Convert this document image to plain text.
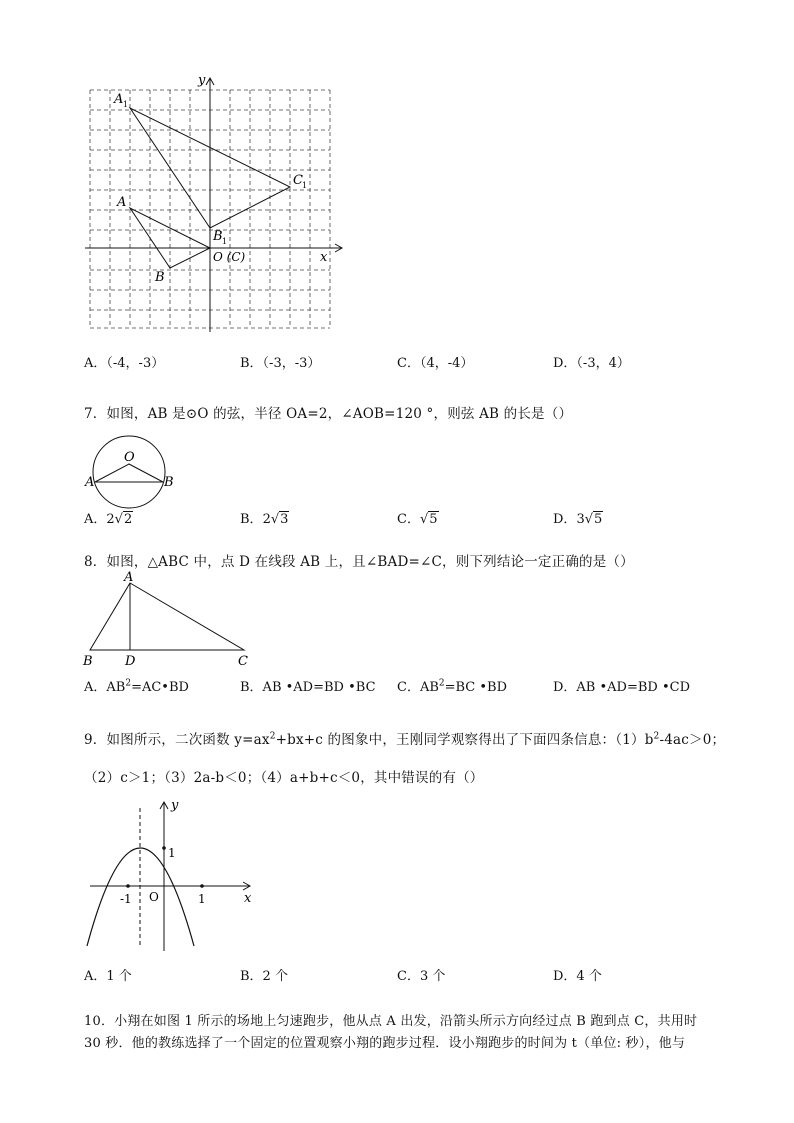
y
x
A 1
C 1
A
B 1
O (C)
B
A．（-4，-3）	B．（-3，-3）	C．（4，-4）	D．（-3，4）
7．如图，AB 是⊙O 的弦，半径 OA=2，∠AOB=120 °，则弦 AB 的长是（）
O
A	B
A．2√2	B．2√3	C．√5	D．3√5
8．如图，△ABC 中，点 D 在线段 AB 上，且∠BAD=∠C，则下列结论一定正确的是（）
A
B D	C
A．$AB^2=AC•BD$	B．AB •AD=BD •BC C．$AB^2=BC$ •BD	D．AB •AD=BD •CD
9．如图所示，二次函数 $y=ax^2+bx+c$ 的图象中，王刚同学观察得出了下面四条信息：$(1)b^2-4ac>0$；
（2）c＞1；（3）2a-b＜0；（4）a+b+c＜0，其中错误的有（）
y
x
1
-1 O	1
A．1 个	B．2 个	C．3 个	D．4 个
10．小翔在如图 1 所示的场地上匀速跑步，他从点 A 出发，沿箭头所示方向经过点 B 跑到点 C，共用时
30 秒．他的教练选择了一个固定的位置观察小翔的跑步过程．设小翔跑步的时间为 t（单位: 秒），他与
